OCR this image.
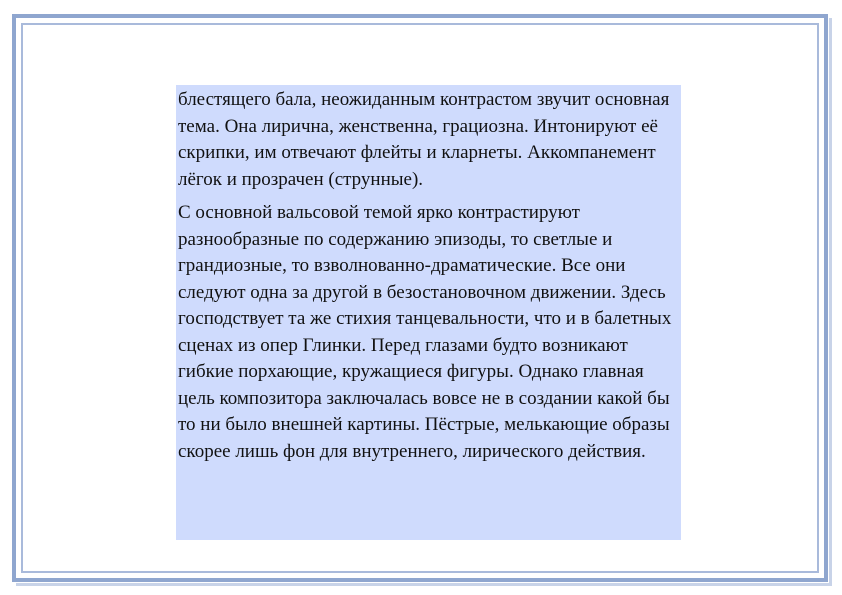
блестящего бала, неожиданным контрастом звучит основная тема. Она лирична, женственна, грациозна. Интонируют её скрипки, им отвечают флейты и кларнеты. Аккомпанемент лёгок и прозрачен (струнные).

С основной вальсовой темой ярко контрастируют разнообразные по содержанию эпизоды, то светлые и грандиозные, то взволнованно-драматические. Все они следуют одна за другой в безостановочном движении. Здесь господствует та же стихия танцевальности, что и в балетных сценах из опер Глинки. Перед глазами будто возникают гибкие порхающие, кружащиеся фигуры. Однако главная цель композитора заключалась вовсе не в создании какой бы то ни было внешней картины. Пёстрые, мелькающие образы скорее лишь фон для внутреннего, лирического действия.
